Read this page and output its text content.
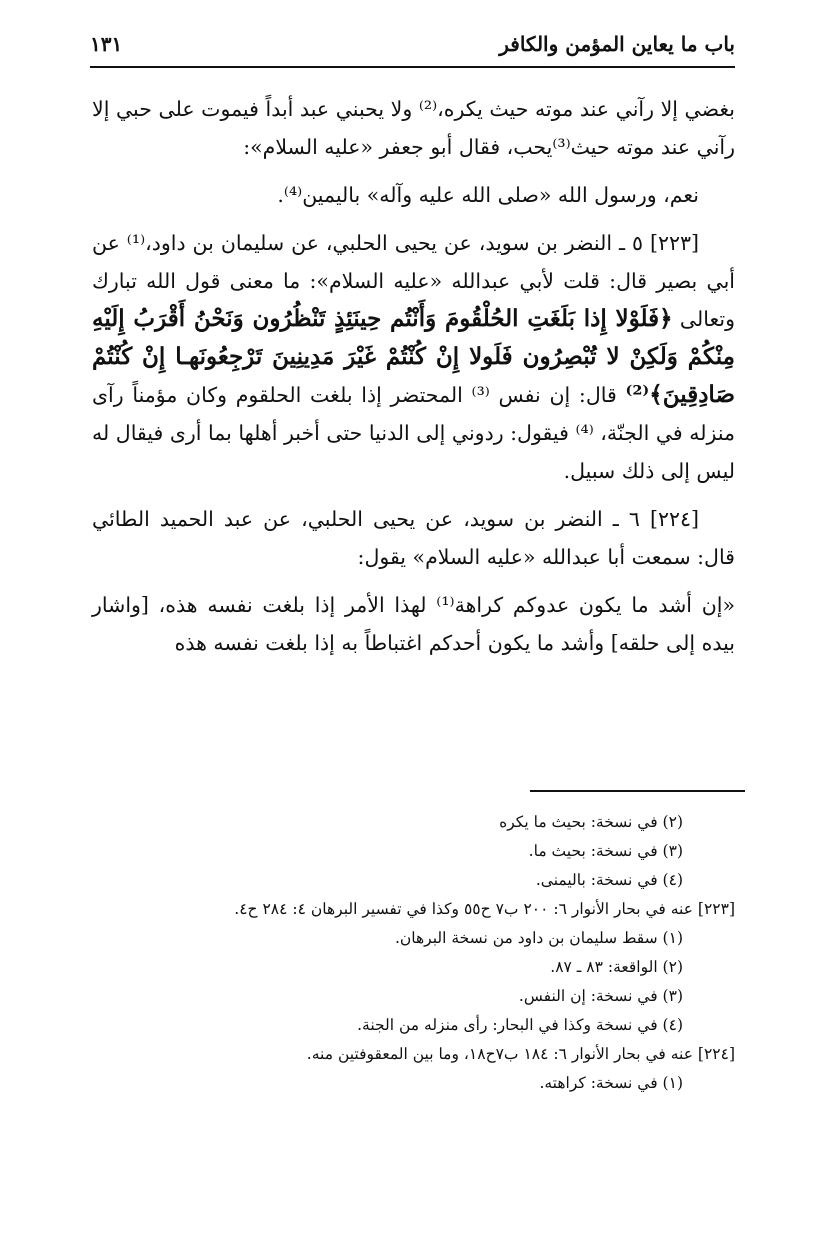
باب ما يعاين المؤمن والكافر
١٣١

بغضي إلا رآني عند موته حيث يكره،⁽²⁾ ولا يحبني عبد أبداً فيموت على حبي إلا رآني عند موته حيث⁽³⁾يحب، فقال أبو جعفر «عليه السلام»:

نعم، ورسول الله «صلى الله عليه وآله» باليمين⁽⁴⁾.

[٢٢٣] ٥ ـ النضر بن سويد، عن يحيى الحلبي، عن سليمان بن داود،⁽¹⁾ عن أبي بصير قال: قلت لأبي عبدالله «عليه السلام»: ما معنى قول الله تبارك وتعالى ﴿فَلَوْلا إِذا بَلَغَتِ الحُلْقُومَ وَأَنْتُم حِينَئِذٍ تَنْظُرُون وَنَحْنُ أَقْرَبُ إِلَيْهِ مِنْكُمْ وَلَكِنْ لا تُبْصِرُون فَلَولا إِنْ كُنْتُمْ غَيْرَ مَدِينِينَ تَرْجِعُونَهـا إِنْ كُنْتُمْ صَادِقِينَ﴾⁽²⁾ قال: إن نفس ⁽³⁾ المحتضر إذا بلغت الحلقوم وكان مؤمناً رآى منزله في الجنّة، ⁽⁴⁾ فيقول: ردوني إلى الدنيا حتى أخبر أهلها بما أرى فيقال له ليس إلى ذلك سبيل.

[٢٢٤] ٦ ـ النضر بن سويد، عن يحيى الحلبي، عن عبد الحميد الطائي قال: سمعت أبا عبدالله «عليه السلام» يقول:

«إن أشد ما يكون عدوكم كراهة⁽¹⁾ لهذا الأمر إذا بلغت نفسه هذه، [واشار بيده إلى حلقه] وأشد ما يكون أحدكم اغتباطاً به إذا بلغت نفسه هذه

(٢) في نسخة: بحيث ما يكره
(٣) في نسخة: بحيث ما.
(٤) في نسخة: باليمنى.
[٢٢٣] عنه في بحار الأنوار ٦: ٢٠٠ ب٧ ح٥٥ وكذا في تفسير البرهان ٤: ٢٨٤ ح٤.
(١) سقط سليمان بن داود من نسخة البرهان.
(٢) الواقعة: ٨٣ ـ ٨٧.
(٣) في نسخة: إن النفس.
(٤) في نسخة وكذا في البحار: رأى منزله من الجنة.
[٢٢٤] عنه في بحار الأنوار ٦: ١٨٤ ب٧ح١٨، وما بين المعقوفتين منه.
(١) في نسخة: كراهته.
